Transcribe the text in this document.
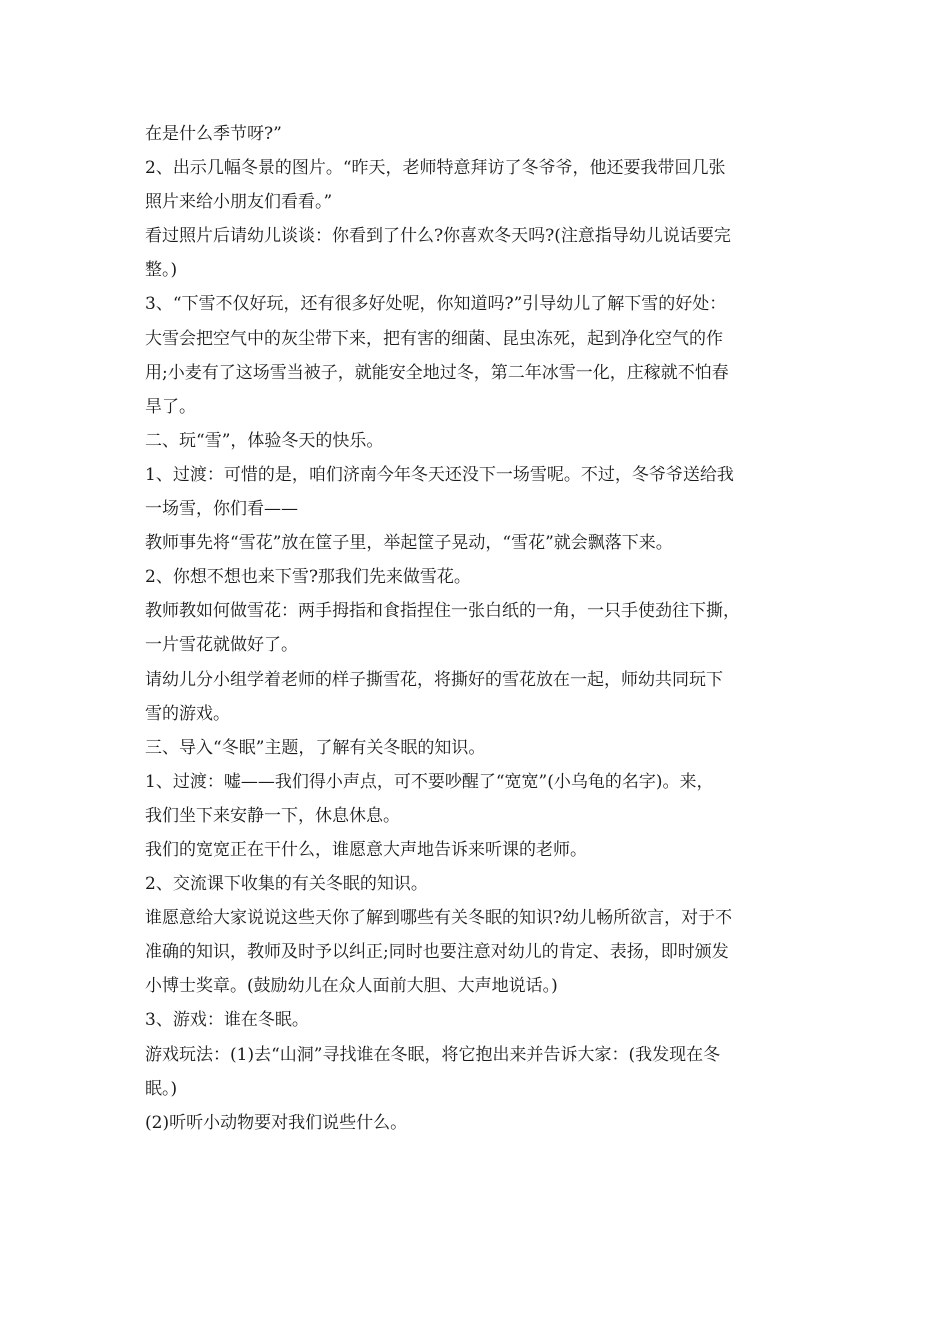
在是什么季节呀?”
2、出示几幅冬景的图片。“昨天，老师特意拜访了冬爷爷，他还要我带回几张
照片来给小朋友们看看。”
看过照片后请幼儿谈谈：你看到了什么?你喜欢冬天吗?(注意指导幼儿说话要完
整。)
3、“下雪不仅好玩，还有很多好处呢，你知道吗?”引导幼儿了解下雪的好处：
大雪会把空气中的灰尘带下来，把有害的细菌、昆虫冻死，起到净化空气的作
用;小麦有了这场雪当被子，就能安全地过冬，第二年冰雪一化，庄稼就不怕春
旱了。
二、玩“雪”，体验冬天的快乐。
1、过渡：可惜的是，咱们济南今年冬天还没下一场雪呢。不过，冬爷爷送给我
一场雪，你们看——
教师事先将“雪花”放在筐子里，举起筐子晃动，“雪花”就会飘落下来。
2、你想不想也来下雪?那我们先来做雪花。
教师教如何做雪花：两手拇指和食指捏住一张白纸的一角，一只手使劲往下撕，
一片雪花就做好了。
请幼儿分小组学着老师的样子撕雪花，将撕好的雪花放在一起，师幼共同玩下
雪的游戏。
三、导入“冬眠”主题，了解有关冬眠的知识。
1、过渡：嘘——我们得小声点，可不要吵醒了“宽宽”(小乌龟的名字)。来，
我们坐下来安静一下，休息休息。
我们的宽宽正在干什么，谁愿意大声地告诉来听课的老师。
2、交流课下收集的有关冬眠的知识。
谁愿意给大家说说这些天你了解到哪些有关冬眠的知识?幼儿畅所欲言，对于不
准确的知识，教师及时予以纠正;同时也要注意对幼儿的肯定、表扬，即时颁发
小博士奖章。(鼓励幼儿在众人面前大胆、大声地说话。)
3、游戏：谁在冬眠。
游戏玩法：(1)去“山洞”寻找谁在冬眠，将它抱出来并告诉大家：(我发现在冬
眠。)
(2)听听小动物要对我们说些什么。
